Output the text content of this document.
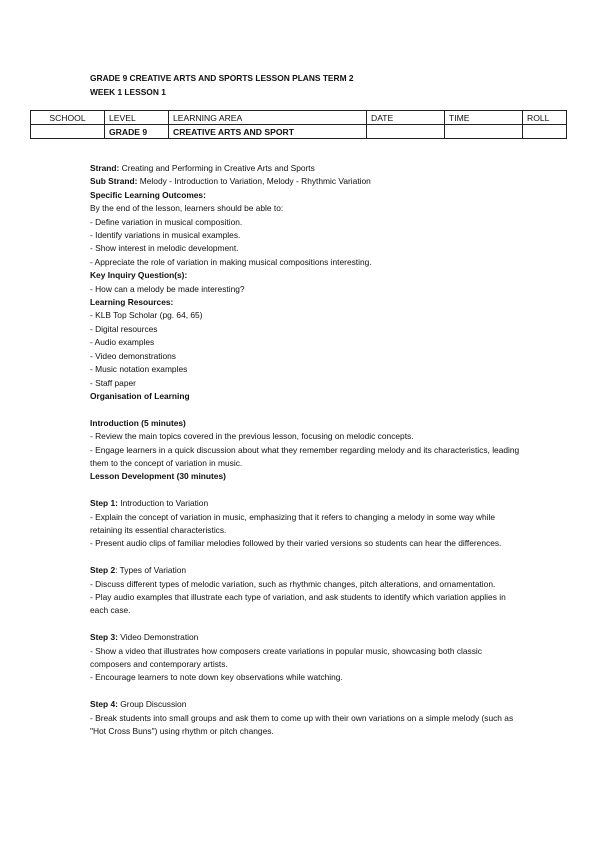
GRADE 9 CREATIVE ARTS AND SPORTS LESSON PLANS TERM 2
WEEK 1 LESSON 1
SCHOOL	LEVEL	LEARNING AREA	DATE	TIME	ROLL
	GRADE 9	CREATIVE ARTS AND SPORT			

Strand: Creating and Performing in Creative Arts and Sports

Sub Strand: Melody - Introduction to Variation, Melody - Rhythmic Variation

Specific Learning Outcomes:

By the end of the lesson, learners should be able to:

- Define variation in musical composition.

- Identify variations in musical examples.

- Show interest in melodic development.

- Appreciate the role of variation in making musical compositions interesting.

Key Inquiry Question(s):

- How can a melody be made interesting?

Learning Resources:

- KLB Top Scholar (pg. 64, 65)

- Digital resources

- Audio examples

- Video demonstrations

- Music notation examples

- Staff paper

Organisation of Learning

Introduction (5 minutes)

- Review the main topics covered in the previous lesson, focusing on melodic concepts.

- Engage learners in a quick discussion about what they remember regarding melody and its characteristics, leading them to the concept of variation in music.

Lesson Development (30 minutes)

Step 1: Introduction to Variation

- Explain the concept of variation in music, emphasizing that it refers to changing a melody in some way while retaining its essential characteristics.

- Present audio clips of familiar melodies followed by their varied versions so students can hear the differences.

Step 2: Types of Variation

- Discuss different types of melodic variation, such as rhythmic changes, pitch alterations, and ornamentation.

- Play audio examples that illustrate each type of variation, and ask students to identify which variation applies in each case.

Step 3: Video Demonstration

- Show a video that illustrates how composers create variations in popular music, showcasing both classic composers and contemporary artists.

- Encourage learners to note down key observations while watching.

Step 4: Group Discussion

- Break students into small groups and ask them to come up with their own variations on a simple melody (such as "Hot Cross Buns") using rhythm or pitch changes.
